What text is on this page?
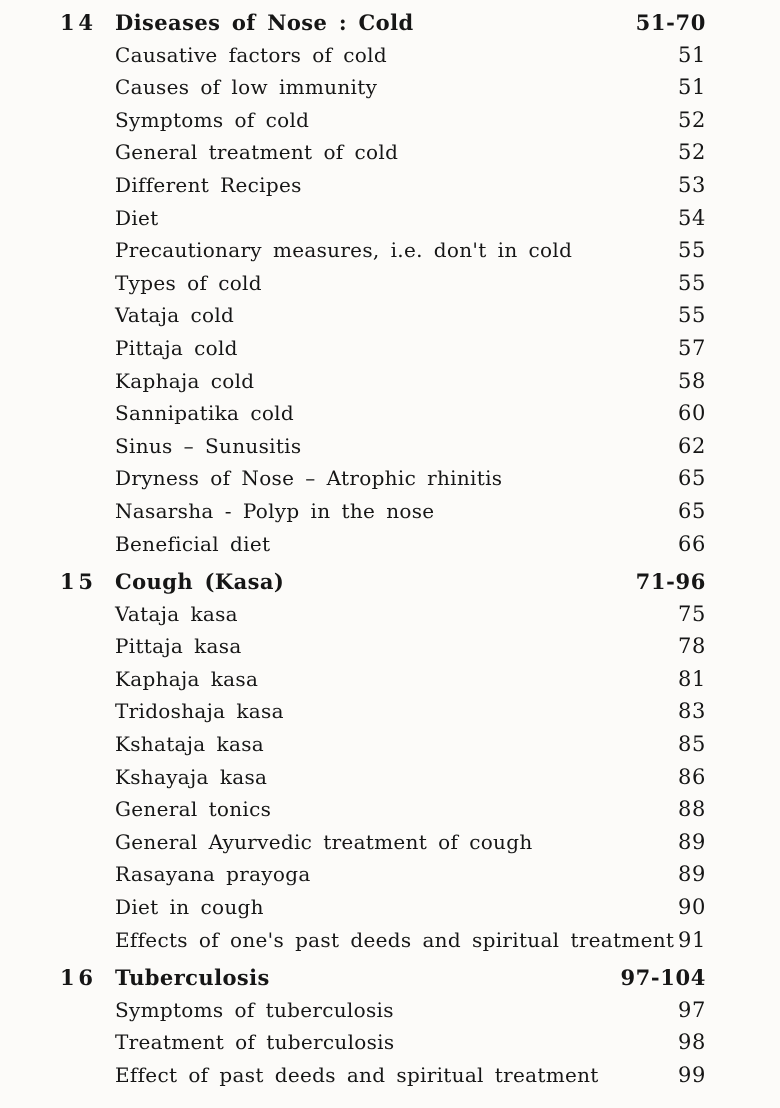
14 Diseases of Nose : Cold	51-70
Causative factors of cold	51
Causes of low immunity	51
Symptoms of cold	52
General treatment of cold	52
Different Recipes	53
Diet	54
Precautionary measures, i.e. don't in cold	55
Types of cold	55
Vataja cold	55
Pittaja cold	57
Kaphaja cold	58
Sannipatika cold	60
Sinus – Sunusitis	62
Dryness of Nose – Atrophic rhinitis	65
Nasarsha - Polyp in the nose	65
Beneficial diet	66
15 Cough (Kasa)	71-96
Vataja kasa	75
Pittaja kasa	78
Kaphaja kasa	81
Tridoshaja kasa	83
Kshataja kasa	85
Kshayaja kasa	86
General tonics	88
General Ayurvedic treatment of cough	89
Rasayana prayoga	89
Diet in cough	90
Effects of one's past deeds and spiritual treatment 91
16 Tuberculosis	97-104
Symptoms of tuberculosis	97
Treatment of tuberculosis	98
Effect of past deeds and spiritual treatment	99
